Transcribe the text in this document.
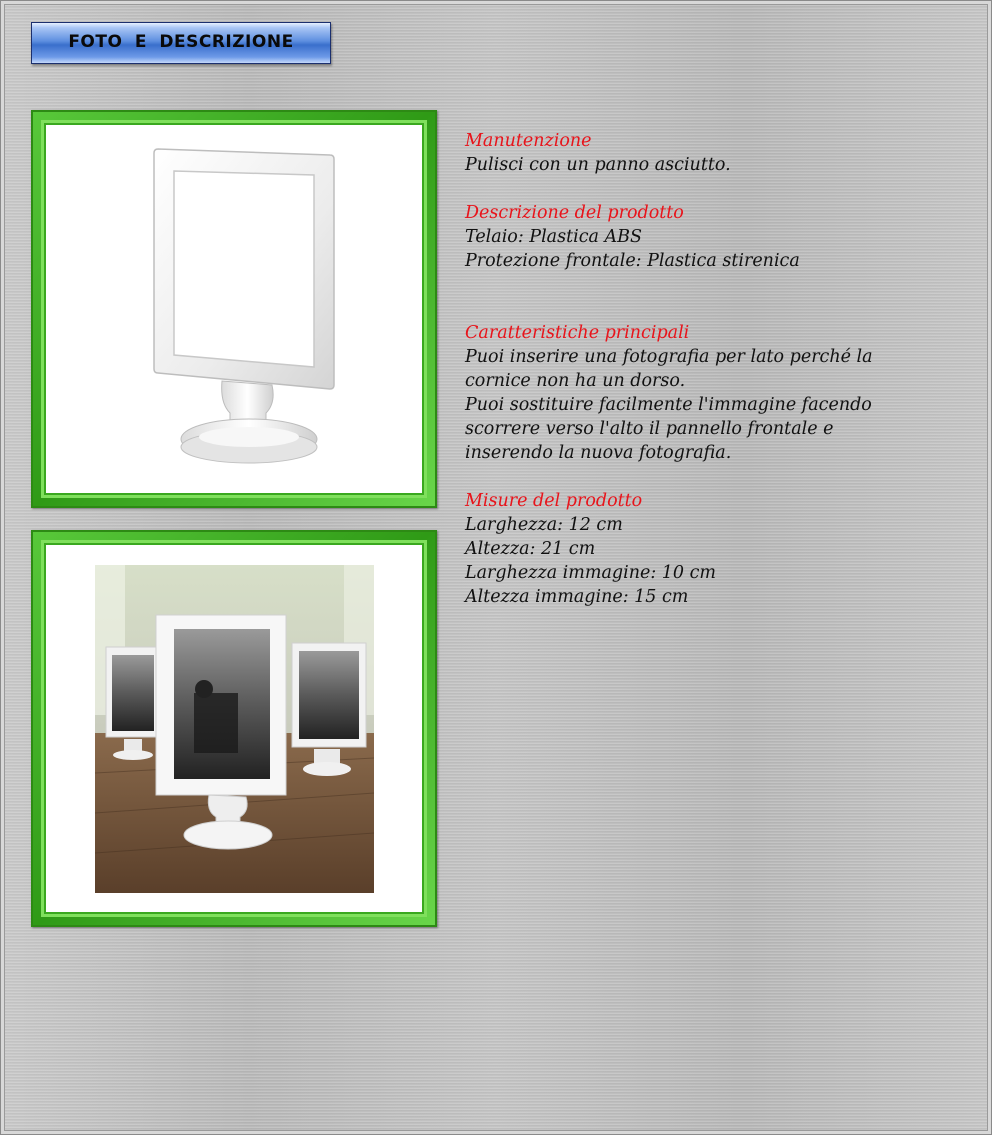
FOTO E DESCRIZIONE
Manutenzione
Pulisci con un panno asciutto.
Descrizione del prodotto
Telaio: Plastica ABS
Protezione frontale: Plastica stirenica
Caratteristiche principali
Puoi inserire una fotografia per lato perché la
cornice non ha un dorso.
Puoi sostituire facilmente l'immagine facendo
scorrere verso l'alto il pannello frontale e
inserendo la nuova fotografia.
Misure del prodotto
Larghezza: 12 cm
Altezza: 21 cm
Larghezza immagine: 10 cm
Altezza immagine: 15 cm
